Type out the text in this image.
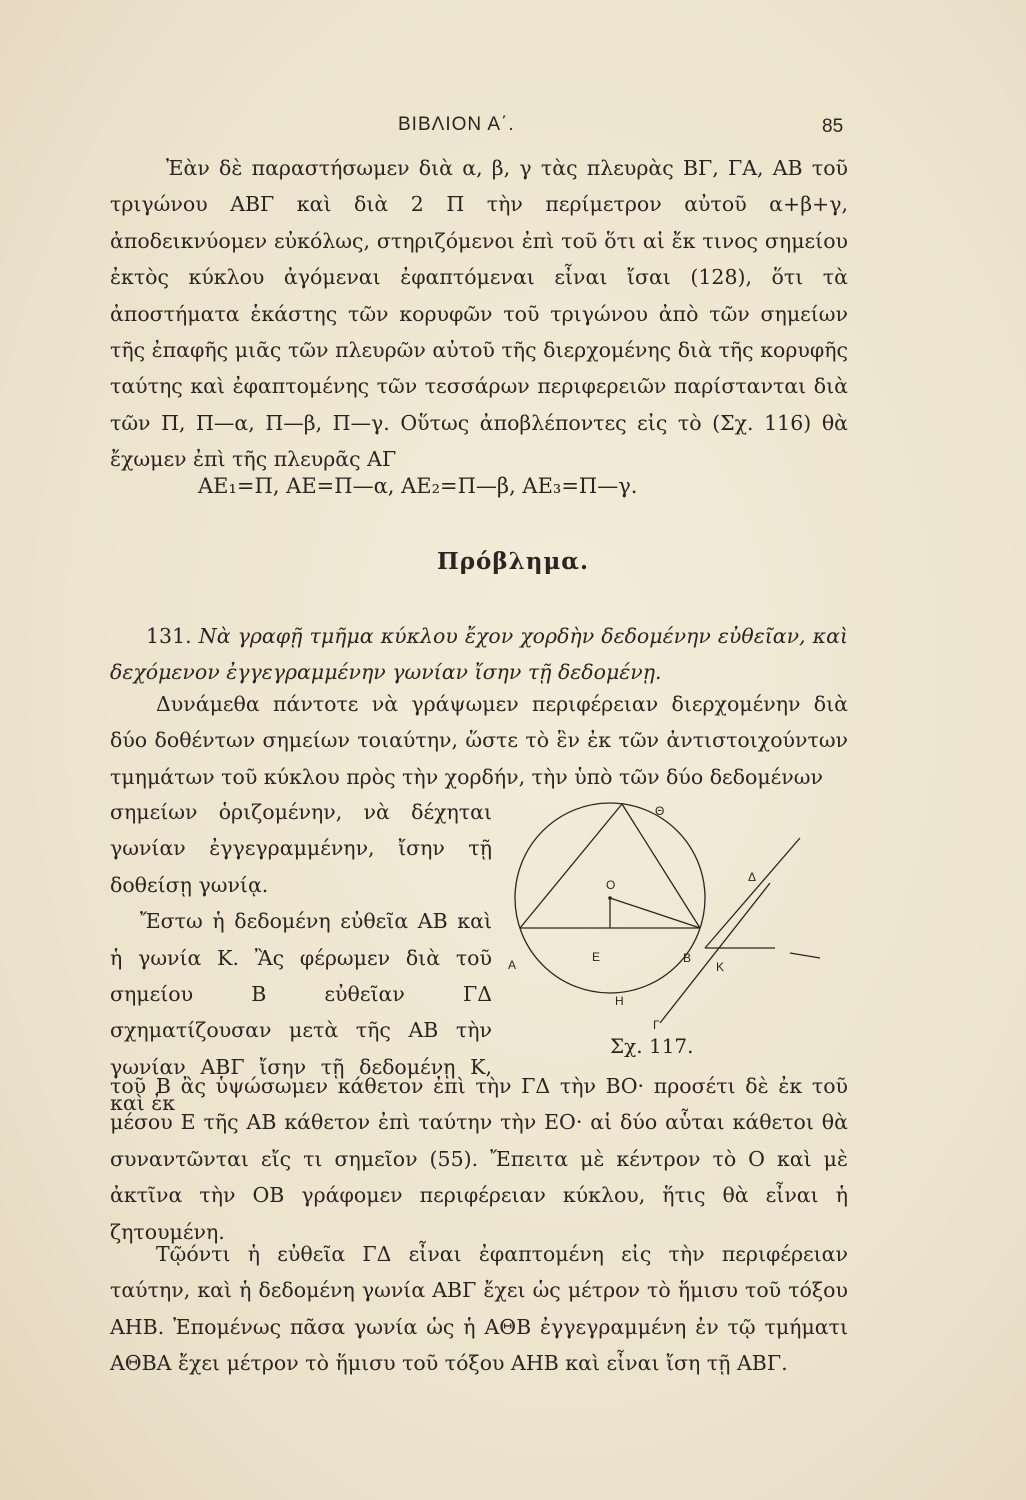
ΒΙΒΛΙΟΝ Α΄.	85
Ἐὰν δὲ παραστήσωμεν διὰ α, β, γ τὰς πλευρὰς ΒΓ, ΓΑ, ΑΒ τοῦ τριγώνου ΑΒΓ καὶ διὰ 2 Π τὴν περίμετρον αὐτοῦ α+β+γ, ἀποδεικνύομεν εὐκόλως, στηριζόμενοι ἐπὶ τοῦ ὅτι αἱ ἔκ τινος σημείου ἐκτὸς κύκλου ἀγόμεναι ἐφαπτόμεναι εἶναι ἴσαι (128), ὅτι τὰ ἀποστήματα ἑκάστης τῶν κορυφῶν τοῦ τριγώνου ἀπὸ τῶν σημείων τῆς ἐπαφῆς μιᾶς τῶν πλευρῶν αὐτοῦ τῆς διερχομένης διὰ τῆς κορυφῆς ταύτης καὶ ἐφαπτομένης τῶν τεσσάρων περιφερειῶν παρίστανται διὰ τῶν Π, Π—α, Π—β, Π—γ. Οὕτως ἀποβλέποντες εἰς τὸ (Σχ. 116) θὰ ἔχωμεν ἐπὶ τῆς πλευρᾶς ΑΓ
ΑΕ₁=Π, ΑΕ=Π—α, ΑΕ₂=Π—β, ΑΕ₃=Π—γ.
Πρόβλημα.
131. Νὰ γραφῇ τμῆμα κύκλου ἔχον χορδὴν δεδομένην εὐθεῖαν, καὶ δεχόμενον ἐγγεγραμμένην γωνίαν ἴσην τῇ δεδομένῃ.
Δυνάμεθα πάντοτε νὰ γράψωμεν περιφέρειαν διερχομένην διὰ δύο δοθέντων σημείων τοιαύτην, ὥστε τὸ ἓν ἐκ τῶν ἀντιστοιχούντων τμημάτων τοῦ κύκλου πρὸς τὴν χορδήν, τὴν ὑπὸ τῶν δύο δεδομένων
σημείων ὁριζομένην, νὰ δέχηται γωνίαν ἐγγεγραμμένην, ἴσην τῇ δοθείσῃ γωνίᾳ.
Ἔστω ἡ δεδομένη εὐθεῖα ΑΒ καὶ ἡ γωνία Κ. Ἂς φέρωμεν διὰ τοῦ σημείου Β εὐθεῖαν ΓΔ σχηματίζουσαν μετὰ τῆς ΑΒ τὴν γωνίαν ΑΒΓ ἴσην τῇ δεδομένῃ Κ, καὶ ἐκ
Θ
Ο
Δ
Α
Ε	Β
Κ
Η
Γ
Σχ. 117.
τοῦ Β ἂς ὑψώσωμεν κάθετον ἐπὶ τὴν ΓΔ τὴν ΒΟ· προσέτι δὲ ἐκ τοῦ μέσου Ε τῆς ΑΒ κάθετον ἐπὶ ταύτην τὴν ΕΟ· αἱ δύο αὗται κάθετοι θὰ συναντῶνται εἴς τι σημεῖον (55). Ἔπειτα μὲ κέντρον τὸ Ο καὶ μὲ ἀκτῖνα τὴν ΟΒ γράφομεν περιφέρειαν κύκλου, ἥτις θὰ εἶναι ἡ ζητουμένη.
Τῷόντι ἡ εὐθεῖα ΓΔ εἶναι ἐφαπτομένη εἰς τὴν περιφέρειαν ταύτην, καὶ ἡ δεδομένη γωνία ΑΒΓ ἔχει ὡς μέτρον τὸ ἥμισυ τοῦ τόξου ΑΗΒ. Ἐπομένως πᾶσα γωνία ὡς ἡ ΑΘΒ ἐγγεγραμμένη ἐν τῷ τμήματι ΑΘΒΑ ἔχει μέτρον τὸ ἥμισυ τοῦ τόξου ΑΗΒ καὶ εἶναι ἴση τῇ ΑΒΓ.
